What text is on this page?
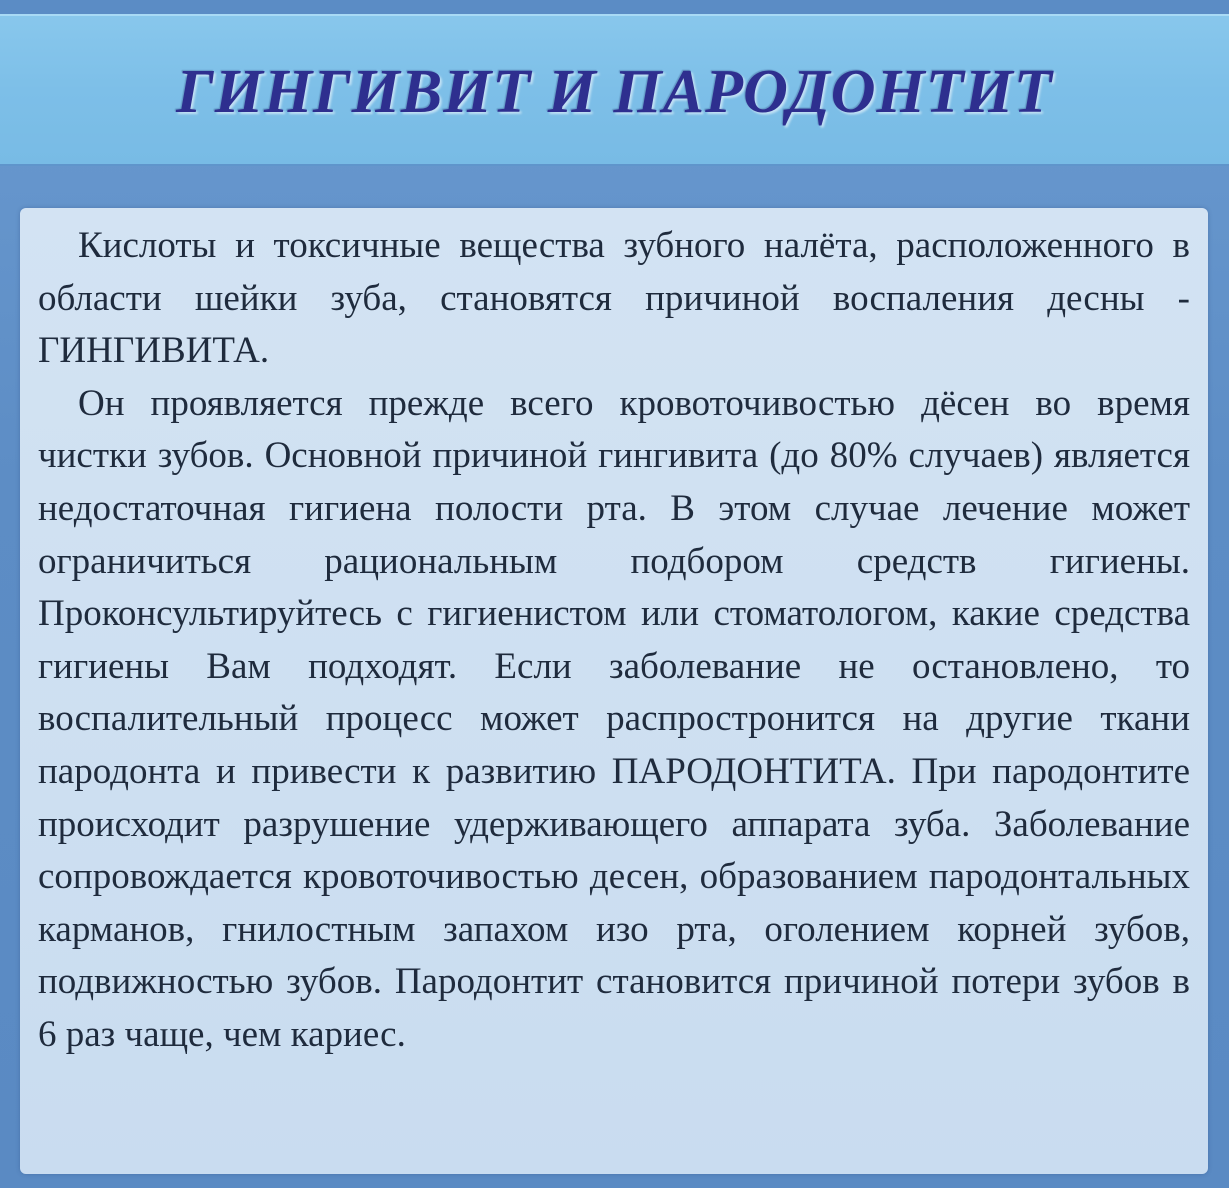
ГИНГИВИТ И ПАРОДОНТИТ

Кислоты и токсичные вещества зубного налёта, расположенного в области шейки зуба, становятся причиной воспаления десны - ГИНГИВИТА.

Он проявляется прежде всего кровоточивостью дёсен во время чистки зубов. Основной причиной гингивита (до 80% случаев) является недостаточная гигиена полости рта. В этом случае лечение может ограничиться рациональным подбором средств гигиены. Проконсультируйтесь с гигиенистом или стоматологом, какие средства гигиены Вам подходят. Если заболевание не остановлено, то воспалительный процесс может распростронится на другие ткани пародонта и привести к развитию ПАРОДОНТИТА. При пародонтите происходит разрушение удерживающего аппарата зуба. Заболевание сопровождается кровоточивостью десен, образованием пародонтальных карманов, гнилостным запахом изо рта, оголением корней зубов, подвижностью зубов. Пародонтит становится причиной потери зубов в 6 раз чаще, чем кариес.
